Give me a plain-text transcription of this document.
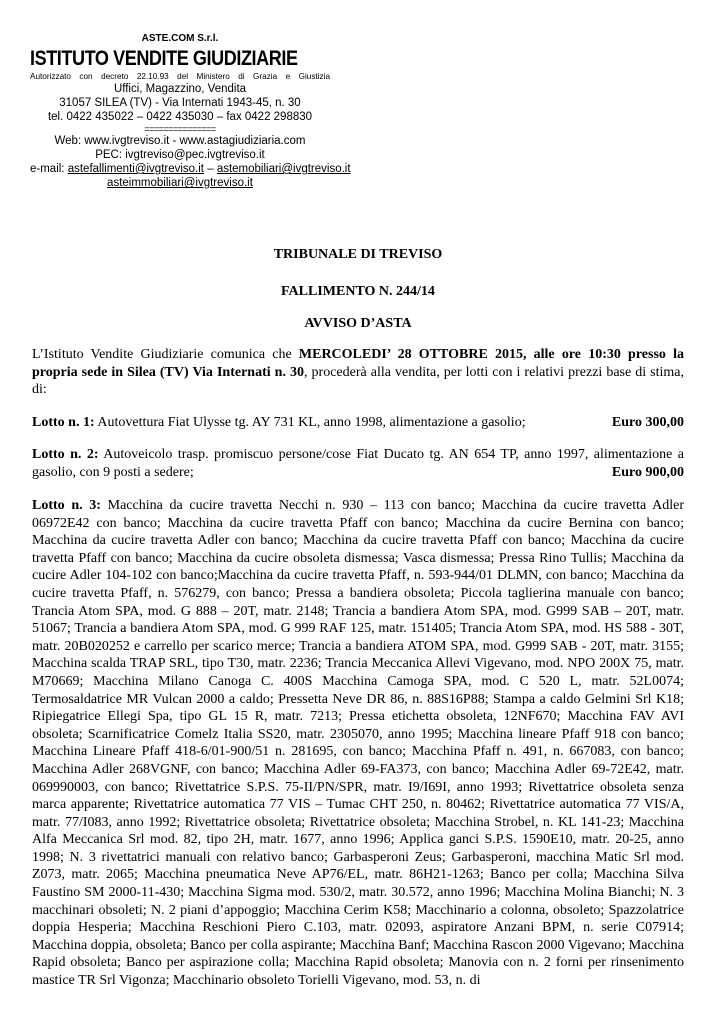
ASTE.COM S.r.l.
ISTITUTO VENDITE GIUDIZIARIE
Autorizzato con decreto 22.10.93 del Ministero di Grazia e Giustizia
Uffici, Magazzino, Vendita
31057 SILEA (TV) - Via Internati 1943-45, n. 30
tel. 0422 435022 – 0422 435030 – fax 0422 298830
===============
Web: www.ivgtreviso.it - www.astagiudiziaria.com
PEC: ivgtreviso@pec.ivgtreviso.it
e-mail: astefallimenti@ivgtreviso.it – astemobiliari@ivgtreviso.it
asteimmobiliari@ivgtreviso.it
TRIBUNALE DI TREVISO
FALLIMENTO N. 244/14
AVVISO D’ASTA
L’Istituto Vendite Giudiziarie comunica che MERCOLEDI’ 28 OTTOBRE 2015, alle ore 10:30 presso la propria sede in Silea (TV) Via Internati n. 30, procederà alla vendita, per lotti con i relativi prezzi base di stima, di:
Euro 300,00
Lotto n. 1: Autovettura Fiat Ulysse tg. AY 731 KL, anno 1998, alimentazione a gasolio;
Lotto n. 2: Autoveicolo trasp. promiscuo persone/cose Fiat Ducato tg. AN 654 TP, anno 1997, alimentazione a gasolio, con 9 posti a sedere;	Euro 900,00
Lotto n. 3: Macchina da cucire travetta Necchi n. 930 – 113 con banco; Macchina da cucire travetta Adler 06972E42 con banco; Macchina da cucire travetta Pfaff con banco; Macchina da cucire Bernina con banco; Macchina da cucire travetta Adler con banco; Macchina da cucire travetta Pfaff con banco; Macchina da cucire travetta Pfaff con banco; Macchina da cucire obsoleta dismessa; Vasca dismessa; Pressa Rino Tullis; Macchina da cucire Adler 104-102 con banco;Macchina da cucire travetta Pfaff, n. 593-944/01 DLMN, con banco; Macchina da cucire travetta Pfaff, n. 576279, con banco; Pressa a bandiera obsoleta; Piccola taglierina manuale con banco; Trancia Atom SPA, mod. G 888 – 20T, matr. 2148; Trancia a bandiera Atom SPA, mod. G999 SAB – 20T, matr. 51067; Trancia a bandiera Atom SPA, mod. G 999 RAF 125, matr. 151405; Trancia Atom SPA, mod. HS 588 - 30T, matr. 20B020252 e carrello per scarico merce; Trancia a bandiera ATOM SPA, mod. G999 SAB - 20T, matr. 3155; Macchina scalda TRAP SRL, tipo T30, matr. 2236; Trancia Meccanica Allevi Vigevano, mod. NPO 200X 75, matr. M70669; Macchina Milano Canoga C. 400S Macchina Camoga SPA, mod. C 520 L, matr. 52L0074; Termosaldatrice MR Vulcan 2000 a caldo; Pressetta Neve DR 86, n. 88S16P88; Stampa a caldo Gelmini Srl K18; Ripiegatrice Ellegi Spa, tipo GL 15 R, matr. 7213; Pressa etichetta obsoleta, 12NF670; Macchina FAV AVI obsoleta; Scarnificatrice Comelz Italia SS20, matr. 2305070, anno 1995; Macchina lineare Pfaff 918 con banco; Macchina Lineare Pfaff 418-6/01-900/51 n. 281695, con banco; Macchina Pfaff n. 491, n. 667083, con banco; Macchina Adler 268VGNF, con banco; Macchina Adler 69-FA373, con banco; Macchina Adler 69-72E42, matr. 069990003, con banco; Rivettatrice S.P.S. 75-II/PN/SPR, matr. I9/I69I, anno 1993; Rivettatrice obsoleta senza marca apparente; Rivettatrice automatica 77 VIS – Tumac CHT 250, n. 80462; Rivettatrice automatica 77 VIS/A, matr. 77/I083, anno 1992; Rivettatrice obsoleta; Rivettatrice obsoleta; Macchina Strobel, n. KL 141-23; Macchina Alfa Meccanica Srl mod. 82, tipo 2H, matr. 1677, anno 1996; Applica ganci S.P.S. 1590E10, matr. 20-25, anno 1998; N. 3 rivettatrici manuali con relativo banco; Garbasperoni Zeus; Garbasperoni, macchina Matic Srl mod. Z073, matr. 2065; Macchina pneumatica Neve AP76/EL, matr. 86H21-1263; Banco per colla; Macchina Silva Faustino SM 2000-11-430; Macchina Sigma mod. 530/2, matr. 30.572, anno 1996; Macchina Molina Bianchi; N. 3 macchinari obsoleti; N. 2 piani d’appoggio; Macchina Cerim K58; Macchinario a colonna, obsoleto; Spazzolatrice doppia Hesperia; Macchina Reschioni Piero C.103, matr. 02093, aspiratore Anzani BPM, n. serie C07914; Macchina doppia, obsoleta; Banco per colla aspirante; Macchina Banf; Macchina Rascon 2000 Vigevano; Macchina Rapid obsoleta; Banco per aspirazione colla; Macchina Rapid obsoleta; Manovia con n. 2 forni per rinsenimento mastice TR Srl Vigonza; Macchinario obsoleto Torielli Vigevano, mod. 53, n. di
